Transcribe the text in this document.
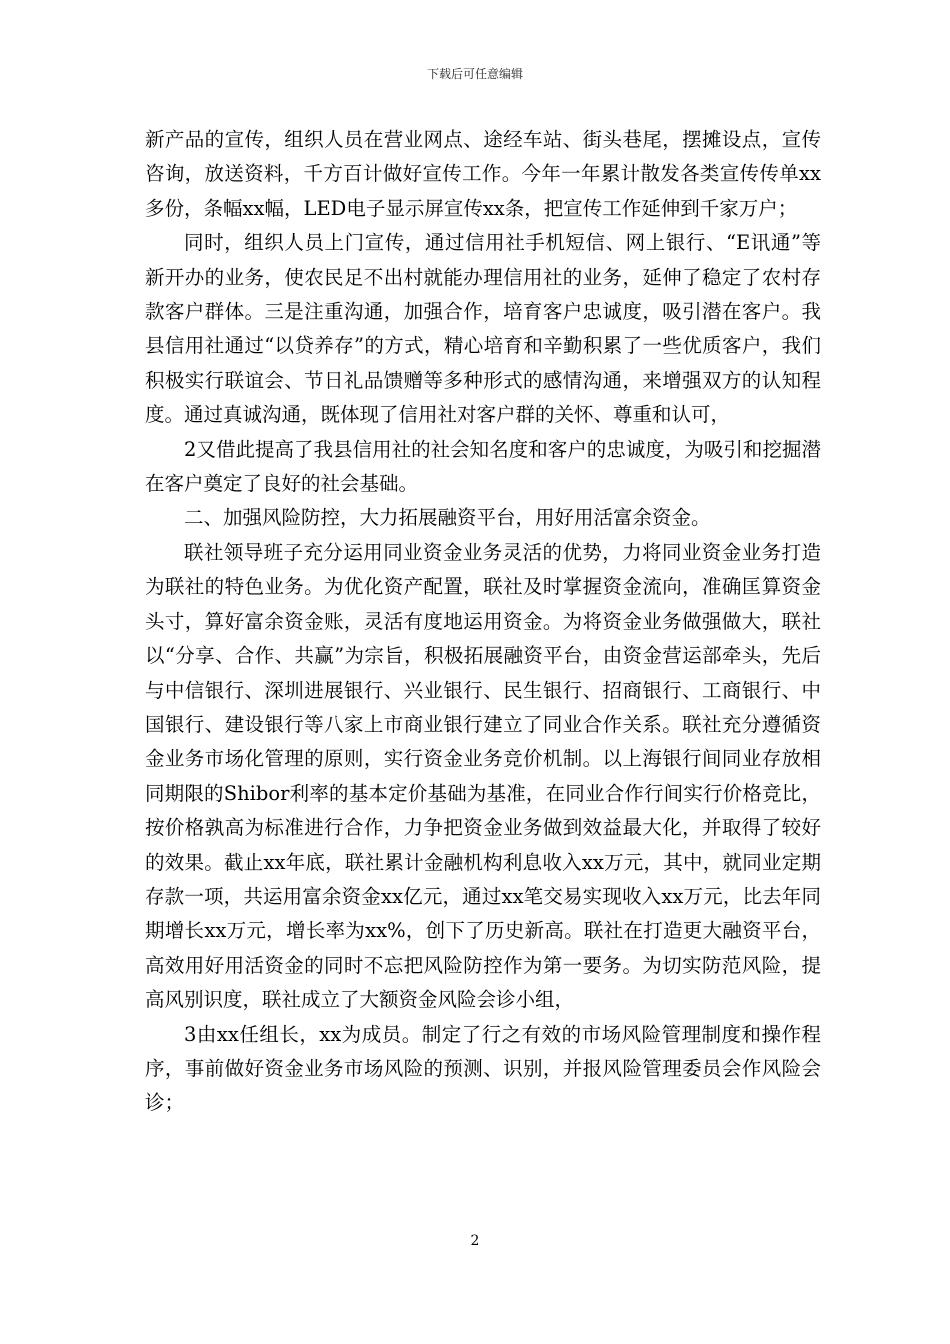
下载后可任意编辑

新产品的宣传，组织人员在营业网点、途经车站、街头巷尾，摆摊设点，宣传咨询，放送资料，千方百计做好宣传工作。今年一年累计散发各类宣传传单xx多份，条幅xx幅，LED电子显示屏宣传xx条，把宣传工作延伸到千家万户；

同时，组织人员上门宣传，通过信用社手机短信、网上银行、“E讯通”等新开办的业务，使农民足不出村就能办理信用社的业务，延伸了稳定了农村存款客户群体。三是注重沟通，加强合作，培育客户忠诚度，吸引潜在客户。我县信用社通过“以贷养存”的方式，精心培育和辛勤积累了一些优质客户，我们积极实行联谊会、节日礼品馈赠等多种形式的感情沟通，来增强双方的认知程度。通过真诚沟通，既体现了信用社对客户群的关怀、尊重和认可，

2又借此提高了我县信用社的社会知名度和客户的忠诚度，为吸引和挖掘潜在客户奠定了良好的社会基础。

二、加强风险防控，大力拓展融资平台，用好用活富余资金。

联社领导班子充分运用同业资金业务灵活的优势，力将同业资金业务打造为联社的特色业务。为优化资产配置，联社及时掌握资金流向，准确匡算资金头寸，算好富余资金账，灵活有度地运用资金。为将资金业务做强做大，联社以“分享、合作、共赢”为宗旨，积极拓展融资平台，由资金营运部牵头，先后与中信银行、深圳进展银行、兴业银行、民生银行、招商银行、工商银行、中国银行、建设银行等八家上市商业银行建立了同业合作关系。联社充分遵循资金业务市场化管理的原则，实行资金业务竞价机制。以上海银行间同业存放相同期限的Shibor利率的基本定价基础为基准，在同业合作行间实行价格竞比，按价格孰高为标准进行合作，力争把资金业务做到效益最大化，并取得了较好的效果。截止xx年底，联社累计金融机构利息收入xx万元，其中，就同业定期存款一项，共运用富余资金xx亿元，通过xx笔交易实现收入xx万元，比去年同期增长xx万元，增长率为xx%，创下了历史新高。联社在打造更大融资平台，高效用好用活资金的同时不忘把风险防控作为第一要务。为切实防范风险，提高风别识度，联社成立了大额资金风险会诊小组，

3由xx任组长，xx为成员。制定了行之有效的市场风险管理制度和操作程序，事前做好资金业务市场风险的预测、识别，并报风险管理委员会作风险会诊；

2
